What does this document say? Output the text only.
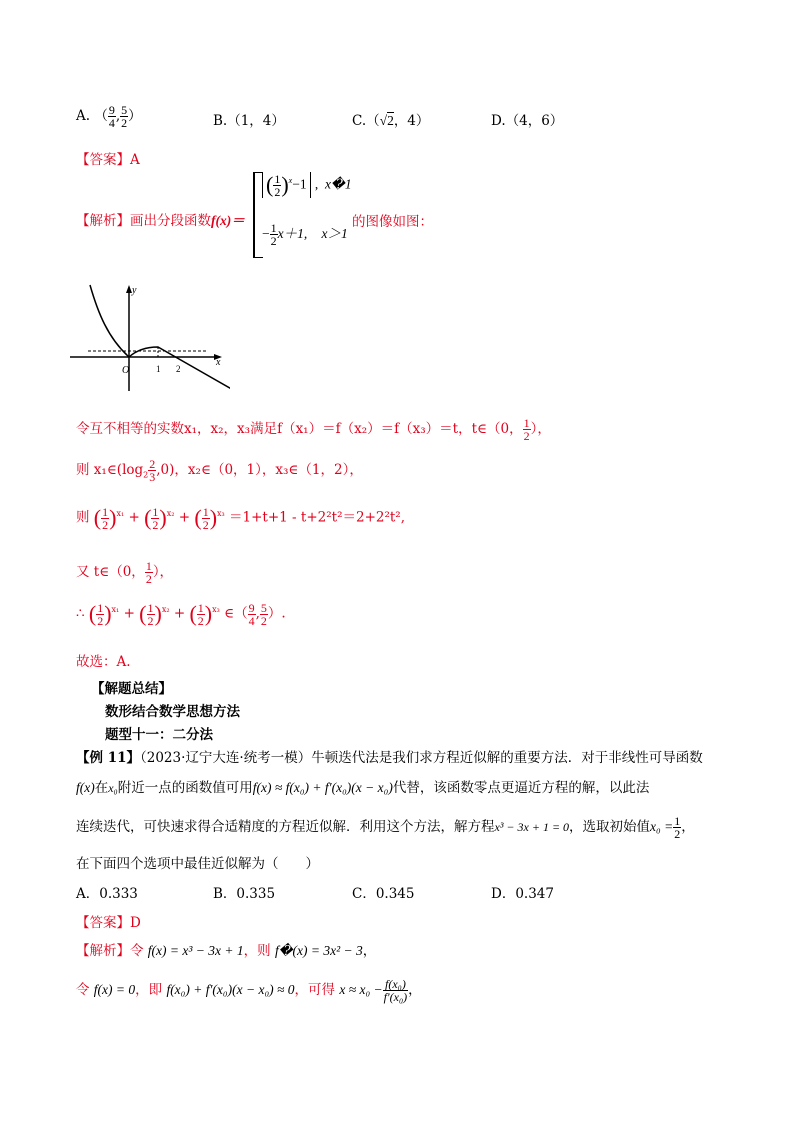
A. （ $\frac{9}{4}$ , $\frac{5}{2}$ ）	B.（1，4）	C.（√2，4）	D.（4，6）
【答案】A
【解析】画出分段函数f(x)＝
( $\frac{1}{2} )^x-1$ ,  x�1
− $\frac{1}{2} x+1$, x＞1
的图像如图：
y
x
O	1 2
令互不相等的实数x₁，x₂，x₃满足f（x₁）＝f（x₂）＝f（x₃）＝t，t∈（0， $\frac{1}{2}$ ），
则 $x_1\in(\log_2 \frac{2}{3} ,0)$，x₂∈（0，1），x₃∈（1，2），
则 ( $\frac{1}{2} )^{x_1}$ + ( $\frac{1}{2} )^{x_2}$ + ( $\frac{1}{2} )^{x_3} =1+t+1 - t+2^2t^2=2+2^2t^2$,
又 t∈（0， $\frac{1}{2}$ ），
∴ ( $\frac{1}{2} )^{x_1}$ + ( $\frac{1}{2} )^{x_2}$ + ( $\frac{1}{2} )^{x_3}$ ∈（ $\frac{9}{4}$ , $\frac{5}{2}$ ）.
故选：A.
【解题总结】
数形结合数学思想方法
题型十一：二分法
【例 11】（2023·辽宁大连·统考一模）牛顿迭代法是我们求方程近似解的重要方法．对于非线性可导函数
f(x)在x₀附近一点的函数值可用f(x) ≈ f(x₀) + f′(x₀)(x − x₀)代替，该函数零点更逼近方程的解，以此法
连续迭代，可快速求得合适精度的方程近似解．利用这个方法，解方程x³ − 3x + 1 = 0，选取初始值$x_0 = \frac{1}{2}$ ，
在下面四个选项中最佳近似解为（　　）
A．0.333	B．0.335	C．0.345	D．0.347
【答案】D
【解析】令 f(x) = x³ − 3x + 1，则 f�(x) = 3x² − 3，
令 f(x) = 0，即 f(x₀) + f′(x₀)(x − x₀) ≈ 0，可得 $x \approx x_0 - \frac{\text{f(x₀)}}{\text{f′(x₀)}}$ ，
